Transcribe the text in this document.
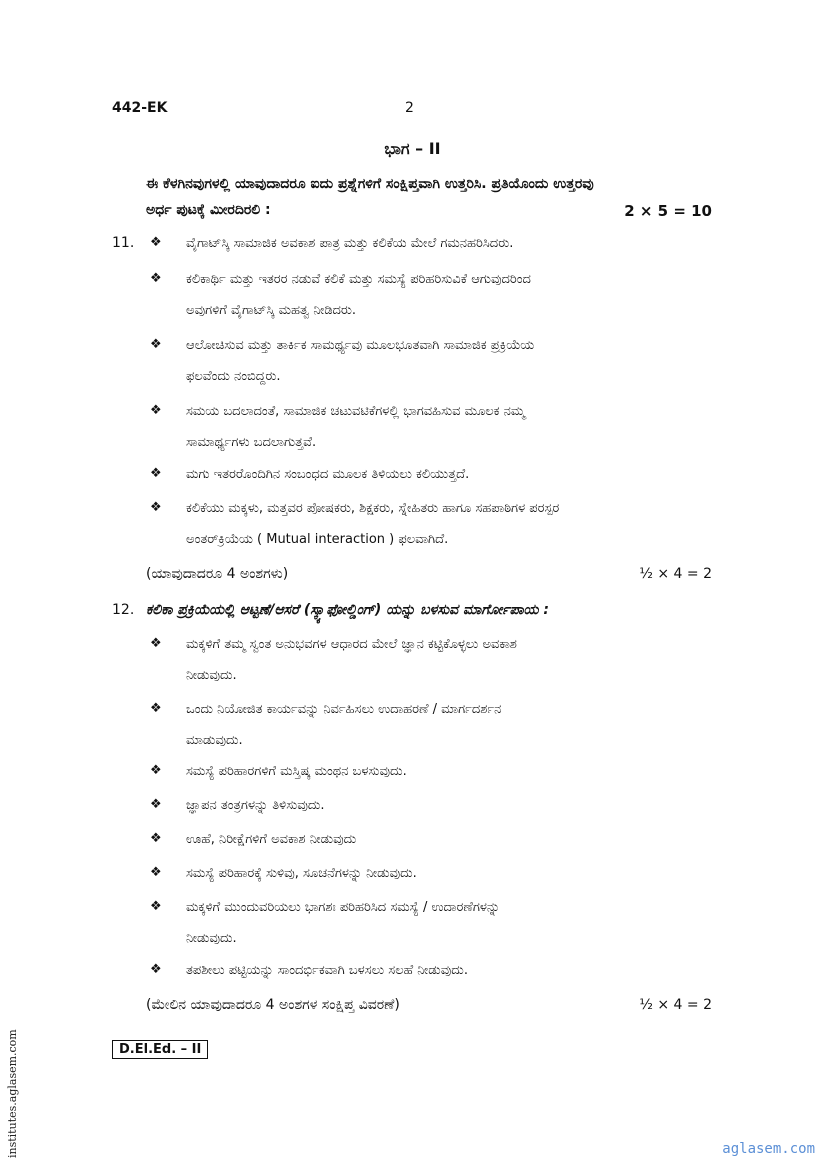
442-EK	2
ಭಾಗ – II
ಈ ಕೆಳಗಿನವುಗಳಲ್ಲಿ ಯಾವುದಾದರೂ ಐದು ಪ್ರಶ್ನೆಗಳಿಗೆ ಸಂಕ್ಷಿಪ್ತವಾಗಿ ಉತ್ತರಿಸಿ. ಪ್ರತಿಯೊಂದು ಉತ್ತರವು
ಅರ್ಧ ಪುಟಕ್ಕೆ ಮೀರದಿರಲಿ :	2 × 5 = 10
11. ❖ ವೈಗಾಟ್‌ಸ್ಕಿ ಸಾಮಾಜಿಕ ಅವಕಾಶ ಪಾತ್ರ ಮತ್ತು ಕಲಿಕೆಯ ಮೇಲೆ ಗಮನಹರಿಸಿದರು.
❖ ಕಲಿಕಾರ್ಥಿ ಮತ್ತು ಇತರರ ನಡುವೆ ಕಲಿಕೆ ಮತ್ತು ಸಮಸ್ಯೆ ಪರಿಹರಿಸುವಿಕೆ ಆಗುವುದರಿಂದ
ಅವುಗಳಿಗೆ ವೈಗಾಟ್‌ಸ್ಕಿ ಮಹತ್ವ ನೀಡಿದರು.
❖ ಆಲೋಚಿಸುವ ಮತ್ತು ತಾರ್ಕಿಕ ಸಾಮರ್ಥ್ಯವು ಮೂಲಭೂತವಾಗಿ ಸಾಮಾಜಿಕ ಪ್ರಕ್ರಿಯೆಯ
ಫಲವೆಂದು ನಂಬಿದ್ದರು.
❖ ಸಮಯ ಬದಲಾದಂತೆ, ಸಾಮಾಜಿಕ ಚಟುವಟಿಕೆಗಳಲ್ಲಿ ಭಾಗವಹಿಸುವ ಮೂಲಕ ನಮ್ಮ
ಸಾಮಾರ್ಥ್ಯಗಳು ಬದಲಾಗುತ್ತವೆ.
❖ ಮಗು ಇತರರೊಂದಿಗಿನ ಸಂಬಂಧದ ಮೂಲಕ ತಿಳಿಯಲು ಕಲಿಯುತ್ತದೆ.
❖ ಕಲಿಕೆಯು ಮಕ್ಕಳು, ಮತ್ತವರ ಪೋಷಕರು, ಶಿಕ್ಷಕರು, ಸ್ನೇಹಿತರು ಹಾಗೂ ಸಹಪಾಠಿಗಳ ಪರಸ್ಪರ
ಅಂತರ್‌ಕ್ರಿಯೆಯ ( Mutual interaction ) ಫಲವಾಗಿದೆ.
(ಯಾವುದಾದರೂ 4 ಅಂಶಗಳು)	½ × 4 = 2
12. ಕಲಿಕಾ ಪ್ರಕ್ರಿಯೆಯಲ್ಲಿ ಆಟ್ಟಣೆ/ಆಸರೆ (ಸ್ಕ್ಯಾಫೋಲ್ಡಿಂಗ್) ಯನ್ನು ಬಳಸುವ ಮಾರ್ಗೋಪಾಯ :
❖ ಮಕ್ಕಳಿಗೆ ತಮ್ಮ ಸ್ವಂತ ಅನುಭವಗಳ ಆಧಾರದ ಮೇಲೆ ಜ್ಞಾನ ಕಟ್ಟಿಕೊಳ್ಳಲು ಅವಕಾಶ
ನೀಡುವುದು.
❖ ಒಂದು ನಿಯೋಜಿತ ಕಾರ್ಯವನ್ನು ನಿರ್ವಹಿಸಲು ಉದಾಹರಣೆ / ಮಾರ್ಗದರ್ಶನ
ಮಾಡುವುದು.
❖ ಸಮಸ್ಯೆ ಪರಿಹಾರಗಳಿಗೆ ಮಸ್ತಿಷ್ಕ ಮಂಥನ ಬಳಸುವುದು.
❖ ಜ್ಞಾಪನ ತಂತ್ರಗಳನ್ನು ತಿಳಿಸುವುದು.
❖ ಊಹೆ, ನಿರೀಕ್ಷೆಗಳಿಗೆ ಅವಕಾಶ ನೀಡುವುದು
❖ ಸಮಸ್ಯೆ ಪರಿಹಾರಕ್ಕೆ ಸುಳಿವು, ಸೂಚನೆಗಳನ್ನು ನೀಡುವುದು.
❖ ಮಕ್ಕಳಿಗೆ ಮುಂದುವರಿಯಲು ಭಾಗಶಃ ಪರಿಹರಿಸಿದ ಸಮಸ್ಯೆ / ಉದಾರಣೆಗಳನ್ನು
ನೀಡುವುದು.
❖ ತಪಶೀಲು ಪಟ್ಟಿಯನ್ನು ಸಾಂದರ್ಭಿಕವಾಗಿ ಬಳಸಲು ಸಲಹೆ ನೀಡುವುದು.
(ಮೇಲಿನ ಯಾವುದಾದರೂ 4 ಅಂಶಗಳ ಸಂಕ್ಷಿಪ್ತ ವಿವರಣೆ)	½ × 4 = 2
D.El.Ed. – II
institutes.aglasem.com	aglasem.com
